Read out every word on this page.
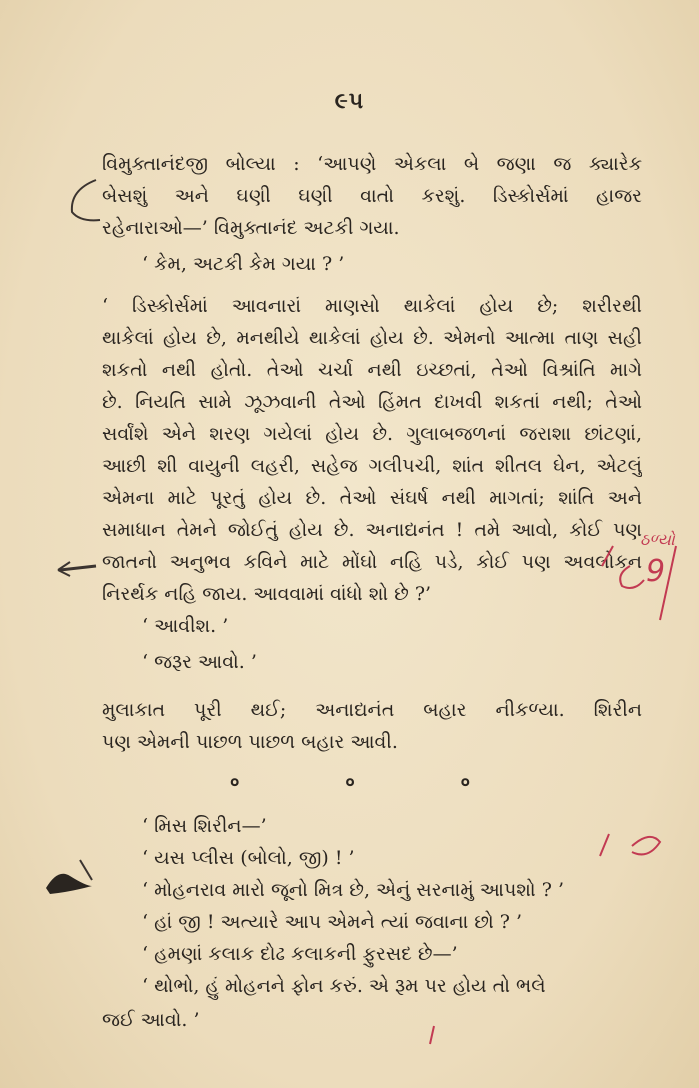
૯૫
વિમુક્તાનંદજી બોલ્યા : ‘આપણે એકલા બે જણા જ ક્યારેક
બેસશું અને ઘણી ઘણી વાતો કરશું. ડિસ્કોર્સમાં હાજર
રહેનારાઓ—’ વિમુક્તાનંદ અટકી ગયા.
‘ કેમ, અટકી કેમ ગયા ? ’
‘ ડિસ્કોર્સમાં આવનારાં માણસો થાકેલાં હોય છે; શરીરથી
થાકેલાં હોય છે, મનથીયે થાકેલાં હોય છે. એમનો આત્મા તાણ સહી
શકતો નથી હોતો. તેઓ ચર્ચા નથી ઇચ્છતાં, તેઓ વિશ્રાંતિ માગે
છે. નિયતિ સામે ઝૂઝવાની તેઓ હિંમત દાખવી શકતાં નથી; તેઓ
સર્વાંશે એને શરણ ગયેલાં હોય છે. ગુલાબજળનાં જરાશા છાંટણાં,
આછી શી વાયુની લહરી, સહેજ ગલીપચી, શાંત શીતલ ઘેન, એટલું
એમના માટે પૂરતું હોય છે. તેઓ સંઘર્ષ નથી માગતાં; શાંતિ અને
સમાધાન તેમને જોઈતું હોય છે. અનાદ્યનંત ! તમે આવો, કોઈ પણ
જાતનો અનુભવ કવિને માટે મોંઘો નહિ પડે, કોઈ પણ અવલોકન
નિરર્થક નહિ જાય. આવવામાં વાંધો શો છે ?’
‘ આવીશ. ’
‘ જરૂર આવો. ’
મુલાકાત પૂરી થઈ; અનાદ્યનંત બહાર નીકળ્યા. શિરીન
પણ એમની પાછળ પાછળ બહાર આવી.
०	०	०
‘ મિસ શિરીન—’
‘ યસ પ્લીસ (બોલો, જી) ! ’
‘ મોહનરાવ મારો જૂનો મિત્ર છે, એનું સરનામું આપશો ? ’
‘ હાં જી ! અત્યારે આપ એમને ત્યાં જવાના છો ? ’
‘ હમણાં કલાક દોઢ કલાકની ફુરસદ છે—’
‘ થોભો, હું મોહનને ફોન કરું. એ રૂમ પર હોય તો ભલે
જઈ આવો. ’
ઠળ્યો
9
